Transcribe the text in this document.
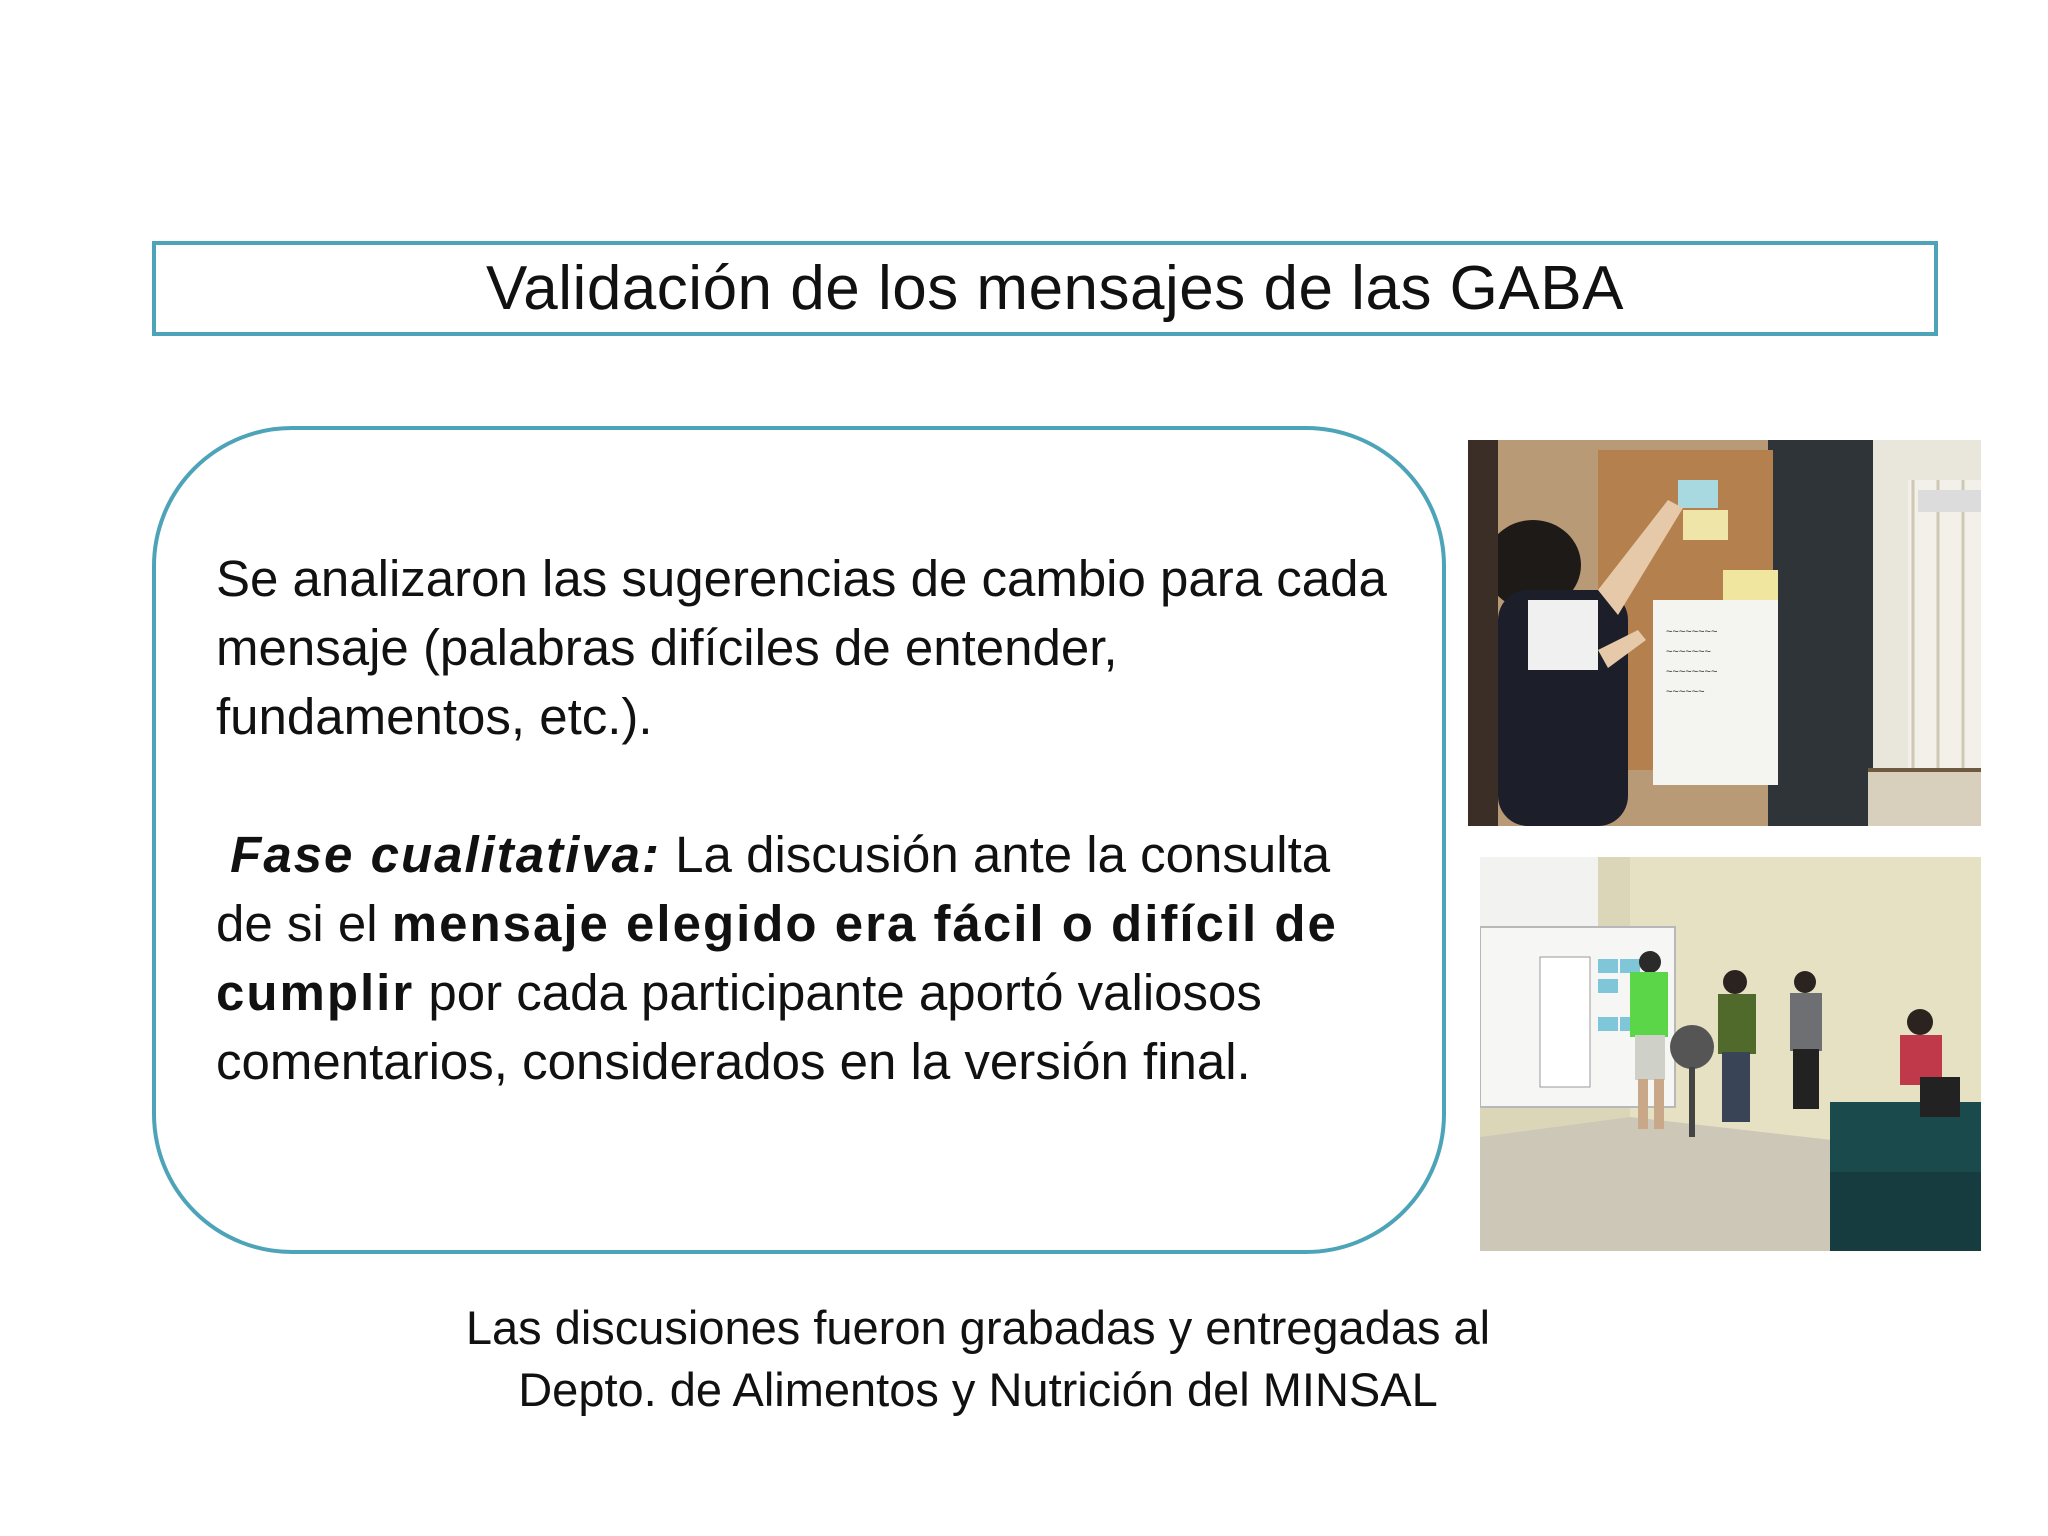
Validación de los mensajes de las GABA

Se analizaron las sugerencias de cambio para cada mensaje (palabras difíciles de entender, fundamentos, etc.).

Fase cualitativa: La discusión ante la consulta de si el mensaje elegido era fácil o difícil de cumplir por cada participante aportó valiosos comentarios, considerados en la versión final.

~~~~~~~~
~~~~~~~
~~~~~~~~
~~~~~~
Las discusiones fueron grabadas y entregadas al
Depto. de Alimentos y Nutrición del MINSAL
